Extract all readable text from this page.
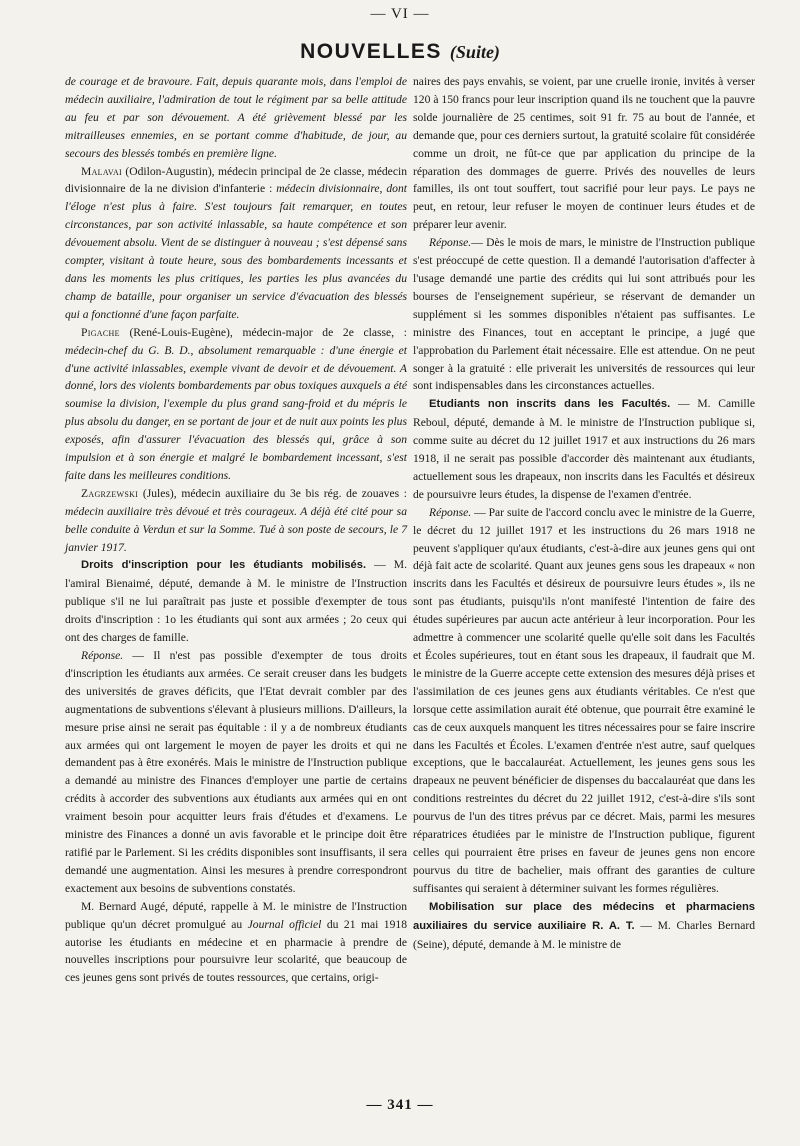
— VI —
NOUVELLES (Suite)

de courage et de bravoure. Fait, depuis quarante mois, dans l'emploi de médecin auxiliaire, l'admiration de tout le régiment par sa belle attitude au feu et par son dévouement. A été grièvement blessé par les mitrailleuses ennemies, en se portant comme d'habitude, de jour, au secours des blessés tombés en première ligne.

Malavai (Odilon-Augustin), médecin principal de 2e classe, médecin divisionnaire de la ne division d'infanterie : médecin divisionnaire, dont l'éloge n'est plus à faire. S'est toujours fait remarquer, en toutes circonstances, par son activité inlassable, sa haute compétence et son dévouement absolu. Vient de se distinguer à nouveau ; s'est dépensé sans compter, visitant à toute heure, sous des bombardements incessants et dans les moments les plus critiques, les parties les plus avancées du champ de bataille, pour organiser un service d'évacuation des blessés qui a fonctionné d'une façon parfaite.

Pigache (René-Louis-Eugène), médecin-major de 2e classe, : médecin-chef du G. B. D., absolument remarquable : d'une énergie et d'une activité inlassables, exemple vivant de devoir et de dévouement. A donné, lors des violents bombardements par obus toxiques auxquels a été soumise la division, l'exemple du plus grand sang-froid et du mépris le plus absolu du danger, en se portant de jour et de nuit aux points les plus exposés, afin d'assurer l'évacuation des blessés qui, grâce à son impulsion et à son énergie et malgré le bombardement incessant, s'est faite dans les meilleures conditions.

Zagrzewski (Jules), médecin auxiliaire du 3e bis rég. de zouaves : médecin auxiliaire très dévoué et très courageux. A déjà été cité pour sa belle conduite à Verdun et sur la Somme. Tué à son poste de secours, le 7 janvier 1917.

Droits d'inscription pour les étudiants mobilisés. — M. l'amiral Bienaimé, député, demande à M. le ministre de l'Instruction publique s'il ne lui paraîtrait pas juste et possible d'exempter de tous droits d'inscription : 1o les étudiants qui sont aux armées ; 2o ceux qui ont des charges de famille.

Réponse. — Il n'est pas possible d'exempter de tous droits d'inscription les étudiants aux armées. Ce serait creuser dans les budgets des universités de graves déficits, que l'Etat devrait combler par des augmentations de subventions s'élevant à plusieurs millions. D'ailleurs, la mesure prise ainsi ne serait pas équitable : il y a de nombreux étudiants aux armées qui ont largement le moyen de payer les droits et qui ne demandent pas à être exonérés. Mais le ministre de l'Instruction publique a demandé au ministre des Finances d'employer une partie de certains crédits à accorder des subventions aux étudiants aux armées qui en ont vraiment besoin pour acquitter leurs frais d'études et d'examens. Le ministre des Finances a donné un avis favorable et le principe doit être ratifié par le Parlement. Si les crédits disponibles sont insuffisants, il sera demandé une augmentation. Ainsi les mesures à prendre correspondront exactement aux besoins de subventions constatés.

M. Bernard Augé, député, rappelle à M. le ministre de l'Instruction publique qu'un décret promulgué au Journal officiel du 21 mai 1918 autorise les étudiants en médecine et en pharmacie à prendre de nouvelles inscriptions pour poursuivre leur scolarité, que beaucoup de ces jeunes gens sont privés de toutes ressources, que certains, origi-

naires des pays envahis, se voient, par une cruelle ironie, invités à verser 120 à 150 francs pour leur inscription quand ils ne touchent que la pauvre solde journalière de 25 centimes, soit 91 fr. 75 au bout de l'année, et demande que, pour ces derniers surtout, la gratuité scolaire fût considérée comme un droit, ne fût-ce que par application du principe de la réparation des dommages de guerre. Privés des nouvelles de leurs familles, ils ont tout souffert, tout sacrifié pour leur pays. Le pays ne peut, en retour, leur refuser le moyen de continuer leurs études et de préparer leur avenir.

Réponse.— Dès le mois de mars, le ministre de l'Instruction publique s'est préoccupé de cette question. Il a demandé l'autorisation d'affecter à l'usage demandé une partie des crédits qui lui sont attribués pour les bourses de l'enseignement supérieur, se réservant de demander un supplément si les sommes disponibles n'étaient pas suffisantes. Le ministre des Finances, tout en acceptant le principe, a jugé que l'approbation du Parlement était nécessaire. Elle est attendue. On ne peut songer à la gratuité : elle priverait les universités de ressources qui leur sont indispensables dans les circonstances actuelles.

Etudiants non inscrits dans les Facultés. — M. Camille Reboul, député, demande à M. le ministre de l'Instruction publique si, comme suite au décret du 12 juillet 1917 et aux instructions du 26 mars 1918, il ne serait pas possible d'accorder dès maintenant aux étudiants, actuellement sous les drapeaux, non inscrits dans les Facultés et désireux de poursuivre leurs études, la dispense de l'examen d'entrée.

Réponse. — Par suite de l'accord conclu avec le ministre de la Guerre, le décret du 12 juillet 1917 et les instructions du 26 mars 1918 ne peuvent s'appliquer qu'aux étudiants, c'est-à-dire aux jeunes gens qui ont déjà fait acte de scolarité. Quant aux jeunes gens sous les drapeaux « non inscrits dans les Facultés et désireux de poursuivre leurs études », ils ne sont pas étudiants, puisqu'ils n'ont manifesté l'intention de faire des études supérieures par aucun acte antérieur à leur incorporation. Pour les admettre à commencer une scolarité quelle qu'elle soit dans les Facultés et Écoles supérieures, tout en étant sous les drapeaux, il faudrait que M. le ministre de la Guerre accepte cette extension des mesures déjà prises et l'assimilation de ces jeunes gens aux étudiants véritables. Ce n'est que lorsque cette assimilation aurait été obtenue, que pourrait être examiné le cas de ceux auxquels manquent les titres nécessaires pour se faire inscrire dans les Facultés et Écoles. L'examen d'entrée n'est autre, sauf quelques exceptions, que le baccalauréat. Actuellement, les jeunes gens sous les drapeaux ne peuvent bénéficier de dispenses du baccalauréat que dans les conditions restreintes du décret du 22 juillet 1912, c'est-à-dire s'ils sont pourvus de l'un des titres prévus par ce décret. Mais, parmi les mesures réparatrices étudiées par le ministre de l'Instruction publique, figurent celles qui pourraient être prises en faveur de jeunes gens non encore pourvus du titre de bachelier, mais offrant des garanties de culture suffisantes qui seraient à déterminer suivant les formes régulières.

Mobilisation sur place des médecins et pharmaciens auxiliaires du service auxiliaire R. A. T. — M. Charles Bernard (Seine), député, demande à M. le ministre de

— 341 —
